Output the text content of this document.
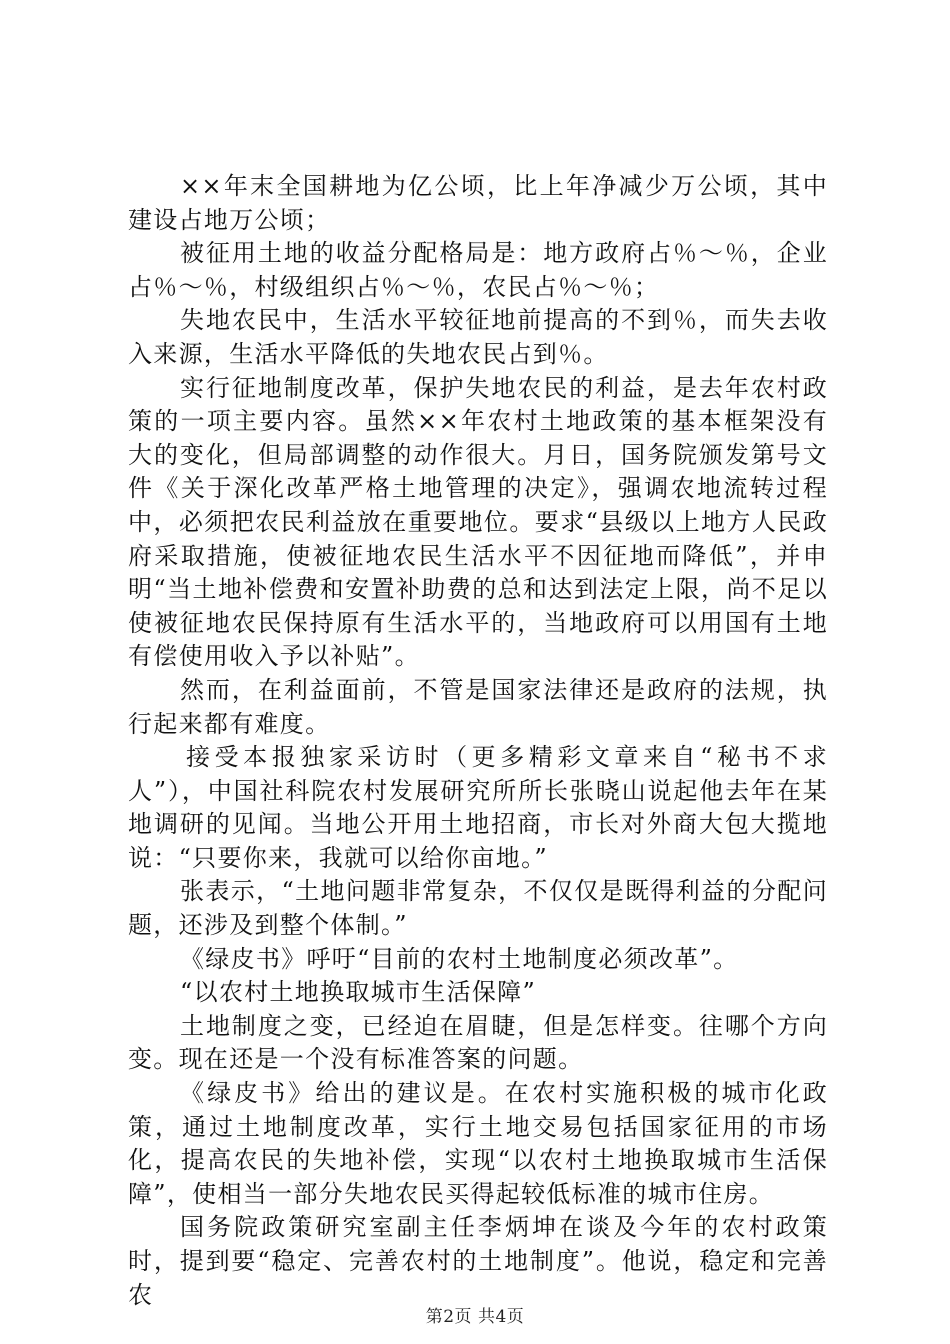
××年末全国耕地为亿公顷，比上年净减少万公顷，其中建设占地万公顷；

被征用土地的收益分配格局是：地方政府占％～％，企业占％～％，村级组织占％～％，农民占％～％；

失地农民中，生活水平较征地前提高的不到％，而失去收入来源，生活水平降低的失地农民占到％。

实行征地制度改革，保护失地农民的利益，是去年农村政策的一项主要内容。虽然××年农村土地政策的基本框架没有大的变化，但局部调整的动作很大。月日，国务院颁发第号文件《关于深化改革严格土地管理的决定》，强调农地流转过程中，必须把农民利益放在重要地位。要求“县级以上地方人民政府采取措施，使被征地农民生活水平不因征地而降低”，并申明“当土地补偿费和安置补助费的总和达到法定上限，尚不足以使被征地农民保持原有生活水平的，当地政府可以用国有土地有偿使用收入予以补贴”。

然而，在利益面前，不管是国家法律还是政府的法规，执行起来都有难度。

接受本报独家采访时（更多精彩文章来自“秘书不求人”），中国社科院农村发展研究所所长张晓山说起他去年在某地调研的见闻。当地公开用土地招商，市长对外商大包大揽地说：“只要你来，我就可以给你亩地。”

张表示，“土地问题非常复杂，不仅仅是既得利益的分配问题，还涉及到整个体制。”

《绿皮书》呼吁“目前的农村土地制度必须改革”。

“以农村土地换取城市生活保障”

土地制度之变，已经迫在眉睫，但是怎样变。往哪个方向变。现在还是一个没有标准答案的问题。

《绿皮书》给出的建议是。在农村实施积极的城市化政策，通过土地制度改革，实行土地交易包括国家征用的市场化，提高农民的失地补偿，实现“以农村土地换取城市生活保障”，使相当一部分失地农民买得起较低标准的城市住房。

国务院政策研究室副主任李炳坤在谈及今年的农村政策时，提到要“稳定、完善农村的土地制度”。他说，稳定和完善农

第2页 共4页
